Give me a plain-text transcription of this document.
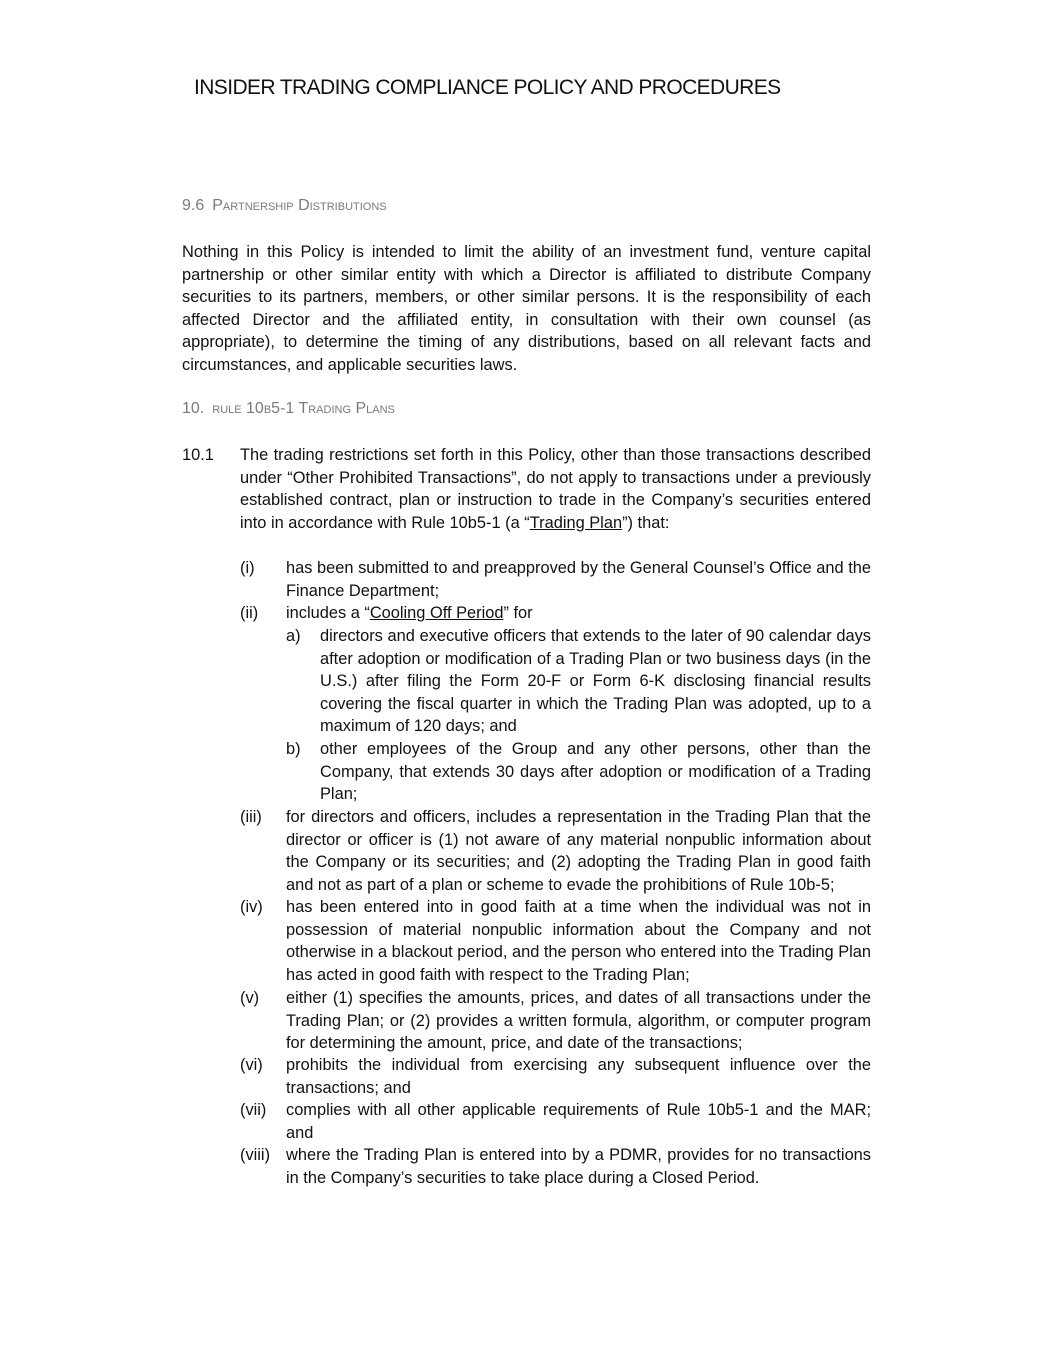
INSIDER TRADING COMPLIANCE POLICY AND PROCEDURES
9.6 Partnership Distributions
Nothing in this Policy is intended to limit the ability of an investment fund, venture capital partnership or other similar entity with which a Director is affiliated to distribute Company securities to its partners, members, or other similar persons. It is the responsibility of each affected Director and the affiliated entity, in consultation with their own counsel (as appropriate), to determine the timing of any distributions, based on all relevant facts and circumstances, and applicable securities laws.
10. rule 10b5-1 Trading Plans
10.1 The trading restrictions set forth in this Policy, other than those transactions described under “Other Prohibited Transactions”, do not apply to transactions under a previously established contract, plan or instruction to trade in the Company’s securities entered into in accordance with Rule 10b5-1 (a “Trading Plan”) that:
(i) has been submitted to and preapproved by the General Counsel’s Office and the Finance Department;
(ii) includes a “Cooling Off Period” for
a) directors and executive officers that extends to the later of 90 calendar days after adoption or modification of a Trading Plan or two business days (in the U.S.) after filing the Form 20-F or Form 6-K disclosing financial results covering the fiscal quarter in which the Trading Plan was adopted, up to a maximum of 120 days; and
b) other employees of the Group and any other persons, other than the Company, that extends 30 days after adoption or modification of a Trading Plan;
(iii) for directors and officers, includes a representation in the Trading Plan that the director or officer is (1) not aware of any material nonpublic information about the Company or its securities; and (2) adopting the Trading Plan in good faith and not as part of a plan or scheme to evade the prohibitions of Rule 10b-5;
(iv) has been entered into in good faith at a time when the individual was not in possession of material nonpublic information about the Company and not otherwise in a blackout period, and the person who entered into the Trading Plan has acted in good faith with respect to the Trading Plan;
(v) either (1) specifies the amounts, prices, and dates of all transactions under the Trading Plan; or (2) provides a written formula, algorithm, or computer program for determining the amount, price, and date of the transactions;
(vi) prohibits the individual from exercising any subsequent influence over the transactions; and
(vii) complies with all other applicable requirements of Rule 10b5-1 and the MAR; and
(viii) where the Trading Plan is entered into by a PDMR, provides for no transactions in the Company’s securities to take place during a Closed Period.
